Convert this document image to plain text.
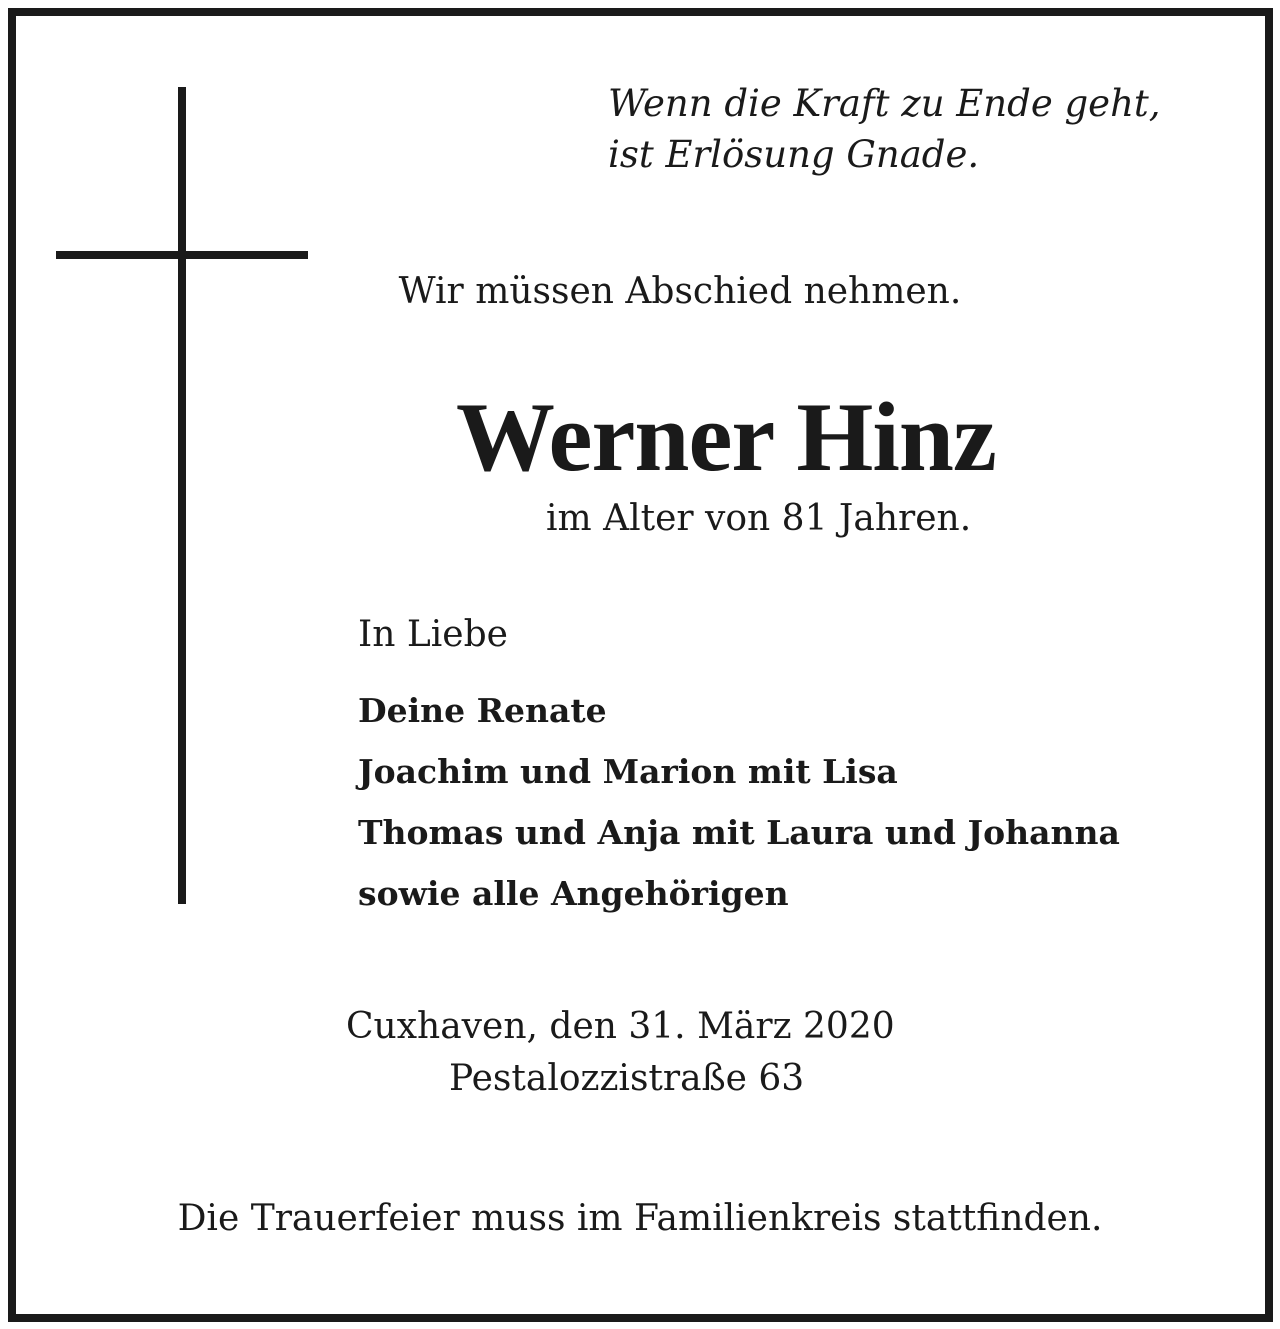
Wenn die Kraft zu Ende geht,
ist Erlösung Gnade.
Wir müssen Abschied nehmen.
Werner Hinz
im Alter von 81 Jahren.
In Liebe
Deine Renate
Joachim und Marion mit Lisa
Thomas und Anja mit Laura und Johanna
sowie alle Angehörigen
Cuxhaven, den 31. März 2020
Pestalozzistraße 63
Die Trauerfeier muss im Familienkreis stattfinden.
